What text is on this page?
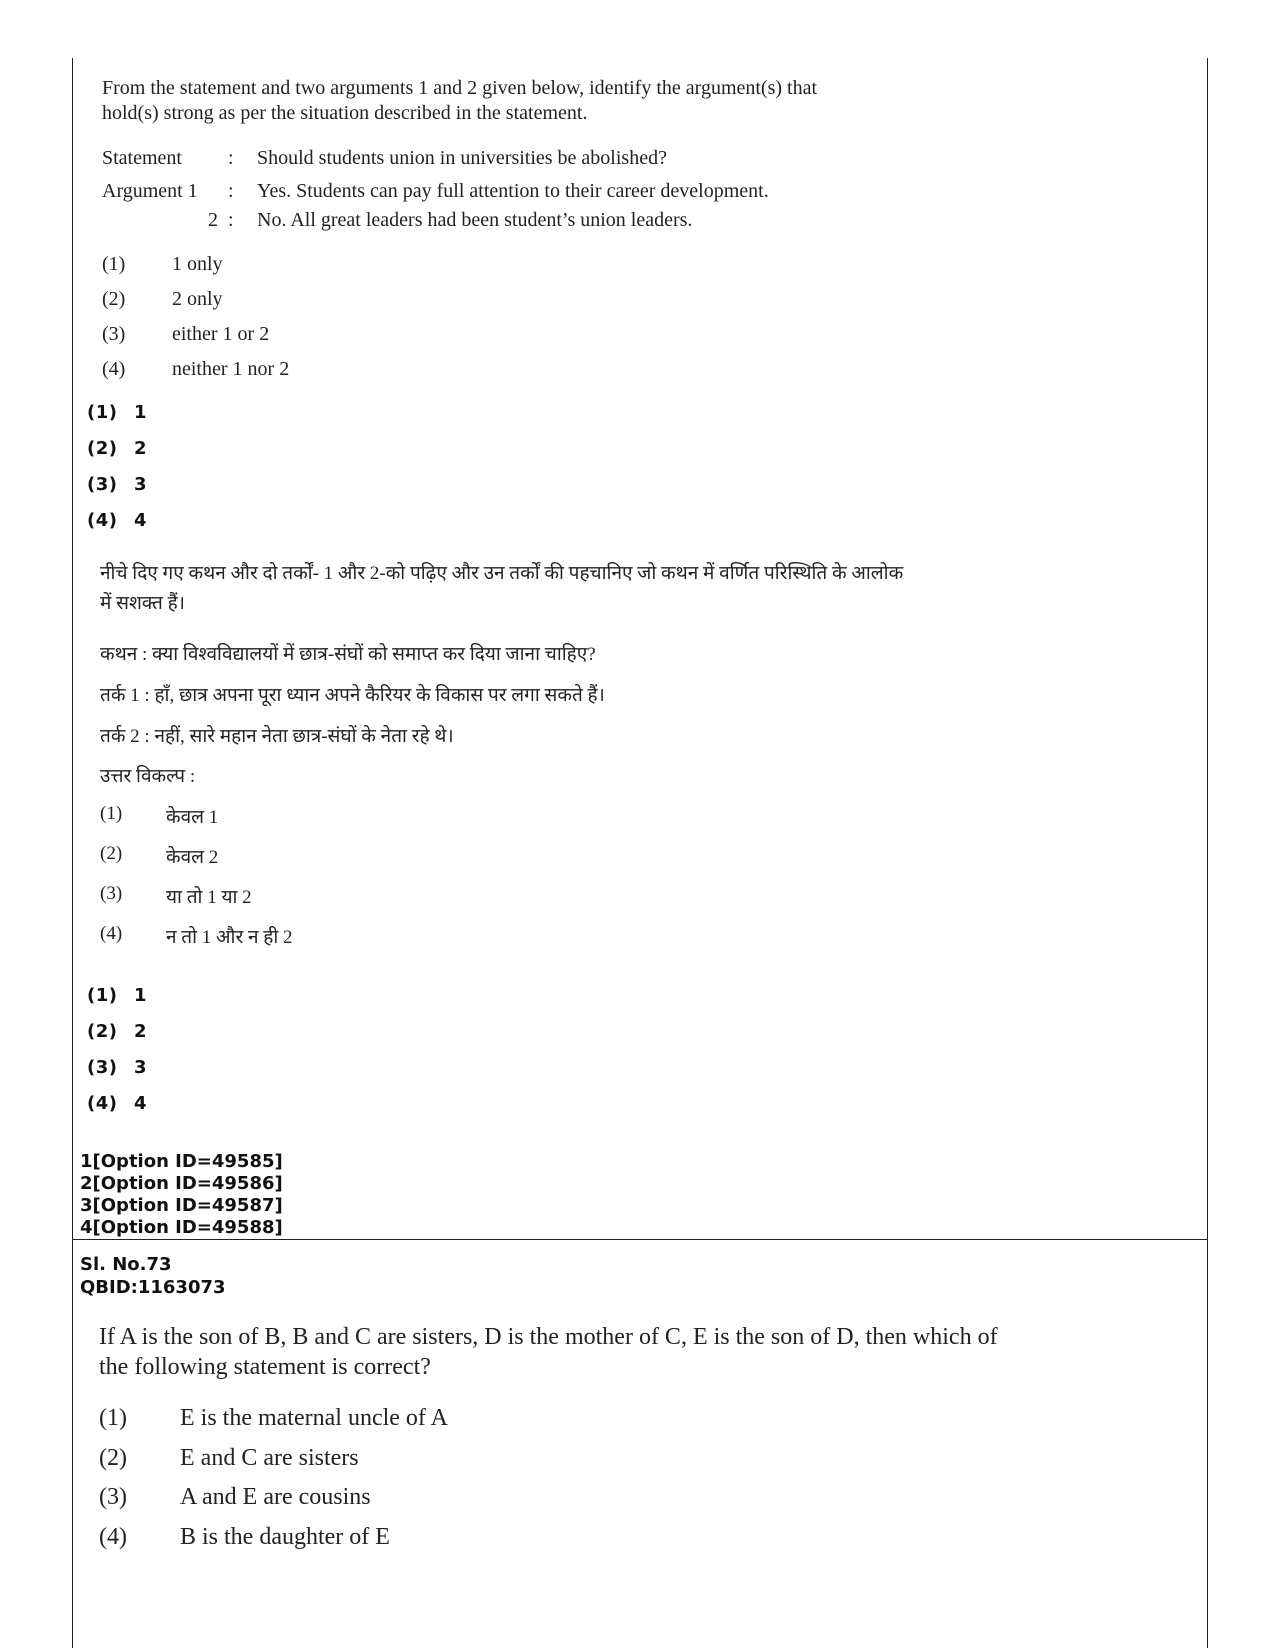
From the statement and two arguments 1 and 2 given below, identify the argument(s) that
hold(s) strong as per the situation described in the statement.
Statement : Should students union in universities be abolished?
Argument 1 : Yes. Students can pay full attention to their career development.
2 : No. All great leaders had been student’s union leaders.
(1) 1 only
(2) 2 only
(3) either 1 or 2
(4) neither 1 nor 2
(1) 1
(2) 2
(3) 3
(4) 4
नीचे दिए गए कथन और दो तर्कों- 1 और 2-को पढ़िए और उन तर्कों की पहचानिए जो कथन में वर्णित परिस्थिति के आलोक
में सशक्त हैं।
कथन : क्या विश्वविद्यालयों में छात्र-संघों को समाप्त कर दिया जाना चाहिए?
तर्क 1 : हाँ, छात्र अपना पूरा ध्यान अपने कैरियर के विकास पर लगा सकते हैं।
तर्क 2 : नहीं, सारे महान नेता छात्र-संघों के नेता रहे थे।
उत्तर विकल्प :
(1) केवल 1
(2) केवल 2
(3) या तो 1 या 2
(4) न तो 1 और न ही 2
(1) 1
(2) 2
(3) 3
(4) 4
1[Option ID=49585]
2[Option ID=49586]
3[Option ID=49587]
4[Option ID=49588]
Sl. No.73
QBID:1163073
If A is the son of B, B and C are sisters, D is the mother of C, E is the son of D, then which of
the following statement is correct?
(1) E is the maternal uncle of A
(2) E and C are sisters
(3) A and E are cousins
(4) B is the daughter of E
